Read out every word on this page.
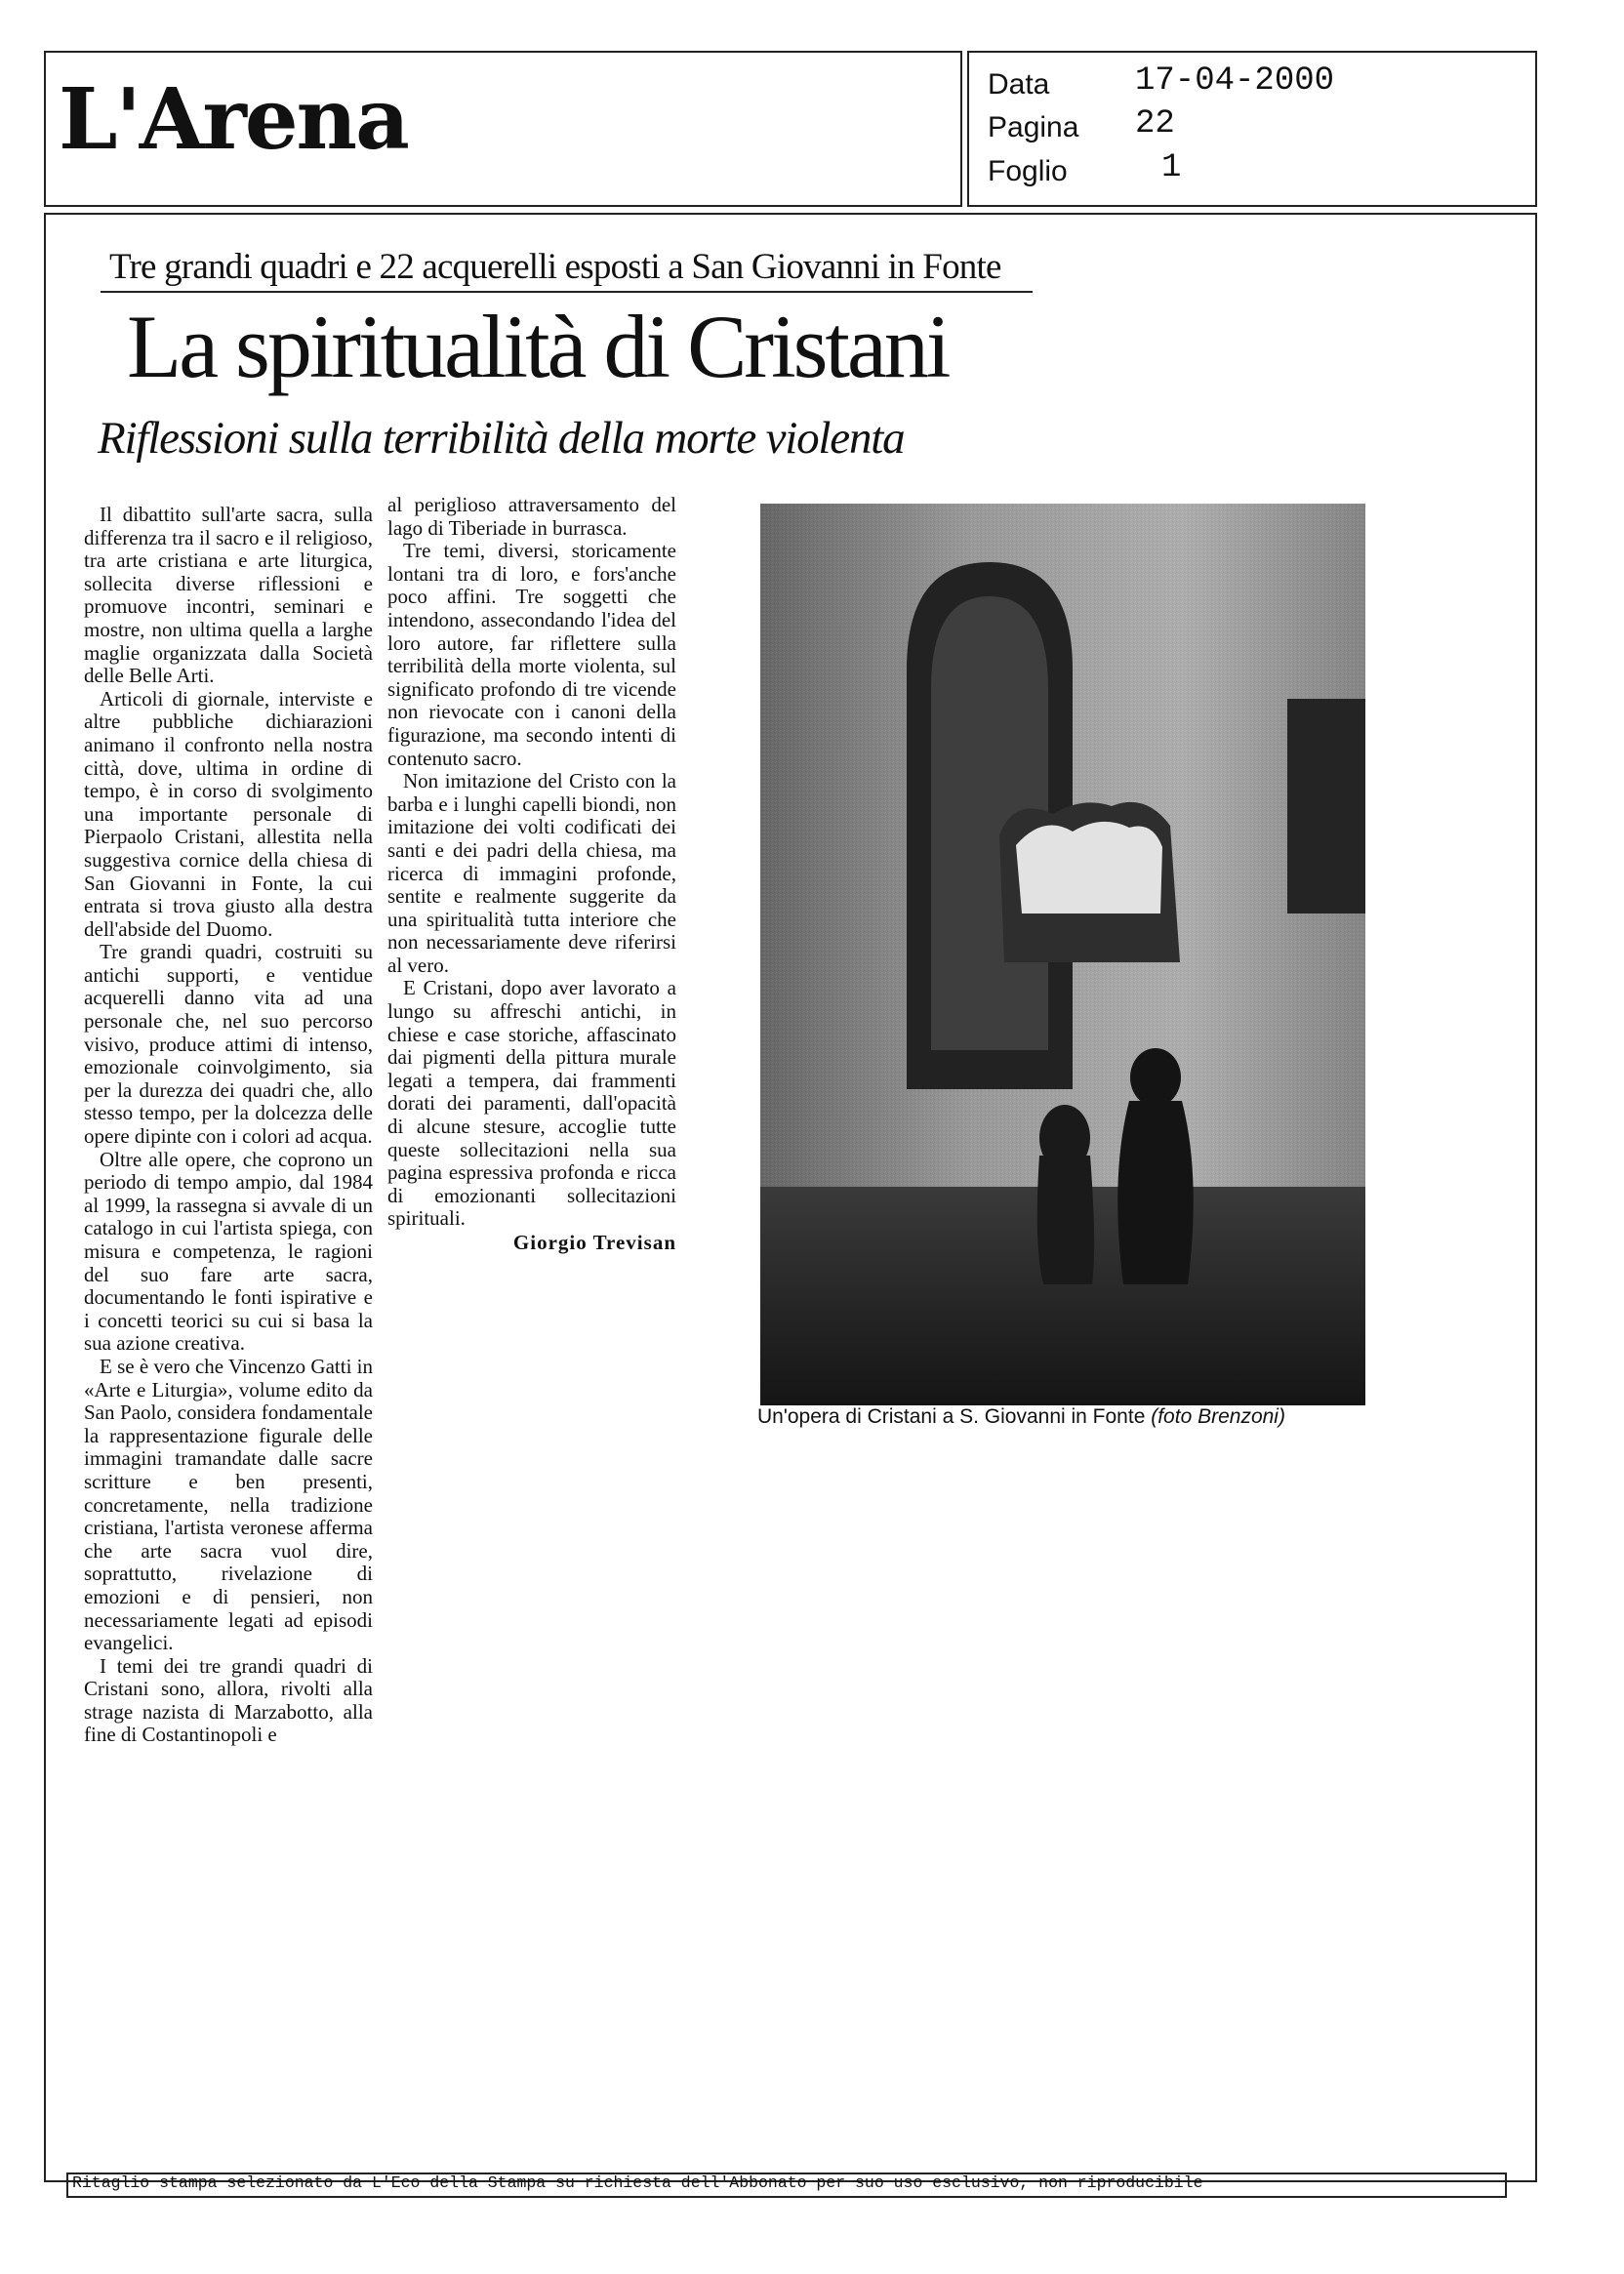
L'Arena	Data	17-04-2000
Pagina 22
Foglio	1
Tre grandi quadri e 22 acquerelli esposti a San Giovanni in Fonte
La spiritualità di Cristani
Riflessioni sulla terribilità della morte violenta

Il dibattito sull'arte sacra, sulla differenza tra il sacro e il religioso, tra arte cristiana e arte liturgica, sollecita diverse riflessioni e promuove incontri, seminari e mostre, non ultima quella a larghe maglie organizzata dalla Società delle Belle Arti.

Articoli di giornale, interviste e altre pubbliche dichiarazioni animano il confronto nella nostra città, dove, ultima in ordine di tempo, è in corso di svolgimento una importante personale di Pierpaolo Cristani, allestita nella suggestiva cornice della chiesa di San Giovanni in Fonte, la cui entrata si trova giusto alla destra dell'abside del Duomo.

Tre grandi quadri, costruiti su antichi supporti, e ventidue acquerelli danno vita ad una personale che, nel suo percorso visivo, produce attimi di intenso, emozionale coinvolgimento, sia per la durezza dei quadri che, allo stesso tempo, per la dolcezza delle opere dipinte con i colori ad acqua.

Oltre alle opere, che coprono un periodo di tempo ampio, dal 1984 al 1999, la rassegna si avvale di un catalogo in cui l'artista spiega, con misura e competenza, le ragioni del suo fare arte sacra, documentando le fonti ispirative e i concetti teorici su cui si basa la sua azione creativa.

E se è vero che Vincenzo Gatti in «Arte e Liturgia», volume edito da San Paolo, considera fondamentale la rappresentazione figurale delle immagini tramandate dalle sacre scritture e ben presenti, concretamente, nella tradizione cristiana, l'artista veronese afferma che arte sacra vuol dire, soprattutto, rivelazione di emozioni e di pensieri, non necessariamente legati ad episodi evangelici.

I temi dei tre grandi quadri di Cristani sono, allora, rivolti alla strage nazista di Marzabotto, alla fine di Costantinopoli e

al periglioso attraversamento del lago di Tiberiade in burrasca.

Tre temi, diversi, storicamente lontani tra di loro, e fors'anche poco affini. Tre soggetti che intendono, assecondando l'idea del loro autore, far riflettere sulla terribilità della morte violenta, sul significato profondo di tre vicende non rievocate con i canoni della figurazione, ma secondo intenti di contenuto sacro.

Non imitazione del Cristo con la barba e i lunghi capelli biondi, non imitazione dei volti codificati dei santi e dei padri della chiesa, ma ricerca di immagini profonde, sentite e realmente suggerite da una spiritualità tutta interiore che non necessariamente deve riferirsi al vero.

E Cristani, dopo aver lavorato a lungo su affreschi antichi, in chiese e case storiche, affascinato dai pigmenti della pittura murale legati a tempera, dai frammenti dorati dei paramenti, dall'opacità di alcune stesure, accoglie tutte queste sollecitazioni nella sua pagina espressiva profonda e ricca di emozionanti sollecitazioni spirituali.

Giorgio Trevisan
Un'opera di Cristani a S. Giovanni in Fonte (foto Brenzoni)
Ritaglio stampa selezionato da L'Eco della Stampa su richiesta dell'Abbonato per suo uso esclusivo, non riproducibile
